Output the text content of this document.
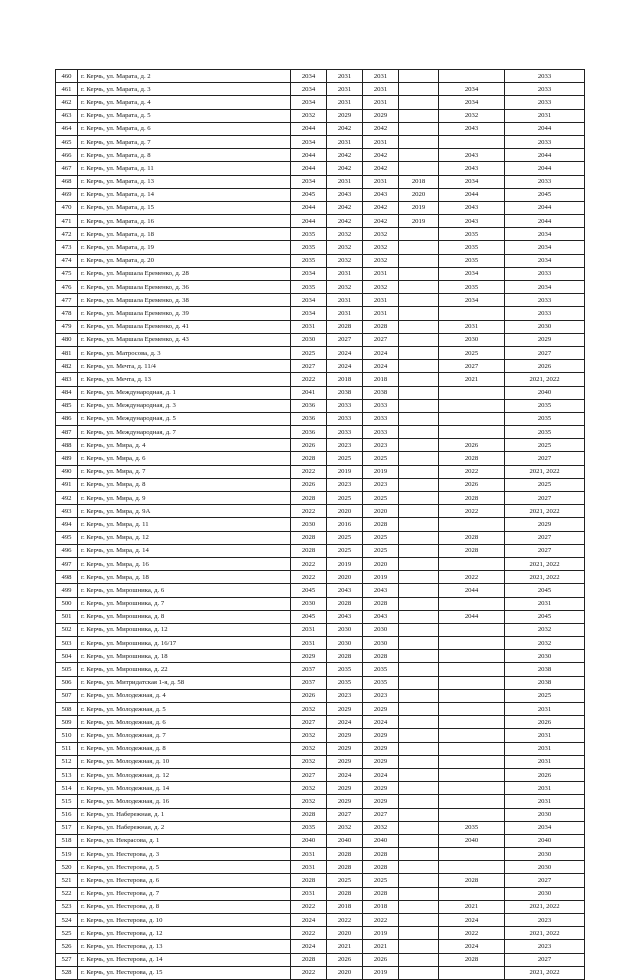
460	г. Керчь, ул. Марата, д. 2	2034	2031	2031			2033
461	г. Керчь, ул. Марата, д. 3	2034	2031	2031		2034	2033
462	г. Керчь, ул. Марата, д. 4	2034	2031	2031		2034	2033
463	г. Керчь, ул. Марата, д. 5	2032	2029	2029		2032	2031
464	г. Керчь, ул. Марата, д. 6	2044	2042	2042		2043	2044
465	г. Керчь, ул. Марата, д. 7	2034	2031	2031			2033
466	г. Керчь, ул. Марата, д. 8	2044	2042	2042		2043	2044
467	г. Керчь, ул. Марата, д. 11	2044	2042	2042		2043	2044
468	г. Керчь, ул. Марата, д. 13	2034	2031	2031	2018	2034	2033
469	г. Керчь, ул. Марата, д. 14	2045	2043	2043	2020	2044	2045
470	г. Керчь, ул. Марата, д. 15	2044	2042	2042	2019	2043	2044
471	г. Керчь, ул. Марата, д. 16	2044	2042	2042	2019	2043	2044
472	г. Керчь, ул. Марата, д. 18	2035	2032	2032		2035	2034
473	г. Керчь, ул. Марата, д. 19	2035	2032	2032		2035	2034
474	г. Керчь, ул. Марата, д. 20	2035	2032	2032		2035	2034
475	г. Керчь, ул. Маршала Еременко, д. 28	2034	2031	2031		2034	2033
476	г. Керчь, ул. Маршала Еременко, д. 36	2035	2032	2032		2035	2034
477	г. Керчь, ул. Маршала Еременко, д. 38	2034	2031	2031		2034	2033
478	г. Керчь, ул. Маршала Еременко, д. 39	2034	2031	2031			2033
479	г. Керчь, ул. Маршала Еременко, д. 41	2031	2028	2028		2031	2030
480	г. Керчь, ул. Маршала Еременко, д. 43	2030	2027	2027		2030	2029
481	г. Керчь, ул. Матросова, д. 3	2025	2024	2024		2025	2027
482	г. Керчь, ул. Мечта, д. 11/4	2027	2024	2024		2027	2026
483	г. Керчь, ул. Мечта, д. 13	2022	2018	2018		2021	2021, 2022
484	г. Керчь, ул. Международная, д. 1	2041	2038	2038			2040
485	г. Керчь, ул. Международная, д. 3	2036	2033	2033			2035
486	г. Керчь, ул. Международная, д. 5	2036	2033	2033			2035
487	г. Керчь, ул. Международная, д. 7	2036	2033	2033			2035
488	г. Керчь, ул. Мира, д. 4	2026	2023	2023		2026	2025
489	г. Керчь, ул. Мира, д. 6	2028	2025	2025		2028	2027
490	г. Керчь, ул. Мира, д. 7	2022	2019	2019		2022	2021, 2022
491	г. Керчь, ул. Мира, д. 8	2026	2023	2023		2026	2025
492	г. Керчь, ул. Мира, д. 9	2028	2025	2025		2028	2027
493	г. Керчь, ул. Мира, д. 9А	2022	2020	2020		2022	2021, 2022
494	г. Керчь, ул. Мира, д. 11	2030	2016	2028			2029
495	г. Керчь, ул. Мира, д. 12	2028	2025	2025		2028	2027
496	г. Керчь, ул. Мира, д. 14	2028	2025	2025		2028	2027
497	г. Керчь, ул. Мира, д. 16	2022	2019	2020			2021, 2022
498	г. Керчь, ул. Мира, д. 18	2022	2020	2019		2022	2021, 2022
499	г. Керчь, ул. Мирошника, д. 6	2045	2043	2043		2044	2045
500	г. Керчь, ул. Мирошника, д. 7	2030	2028	2028			2031
501	г. Керчь, ул. Мирошника, д. 8	2045	2043	2043		2044	2045
502	г. Керчь, ул. Мирошника, д. 12	2031	2030	2030			2032
503	г. Керчь, ул. Мирошника, д. 16/17	2031	2030	2030			2032
504	г. Керчь, ул. Мирошника, д. 18	2029	2028	2028			2030
505	г. Керчь, ул. Мирошника, д. 22	2037	2035	2035			2038
506	г. Керчь, ул. Митридатская 1-я, д. 58	2037	2035	2035			2038
507	г. Керчь, ул. Молодежная, д. 4	2026	2023	2023			2025
508	г. Керчь, ул. Молодежная, д. 5	2032	2029	2029			2031
509	г. Керчь, ул. Молодежная, д. 6	2027	2024	2024			2026
510	г. Керчь, ул. Молодежная, д. 7	2032	2029	2029			2031
511	г. Керчь, ул. Молодежная, д. 8	2032	2029	2029			2031
512	г. Керчь, ул. Молодежная, д. 10	2032	2029	2029			2031
513	г. Керчь, ул. Молодежная, д. 12	2027	2024	2024			2026
514	г. Керчь, ул. Молодежная, д. 14	2032	2029	2029			2031
515	г. Керчь, ул. Молодежная, д. 16	2032	2029	2029			2031
516	г. Керчь, ул. Набережная, д. 1	2028	2027	2027			2030
517	г. Керчь, ул. Набережная, д. 2	2035	2032	2032		2035	2034
518	г. Керчь, ул. Некрасова, д. 1	2040	2040	2040		2040	2040
519	г. Керчь, ул. Нестерова, д. 3	2031	2028	2028			2030
520	г. Керчь, ул. Нестерова, д. 5	2031	2028	2028			2030
521	г. Керчь, ул. Нестерова, д. 6	2028	2025	2025		2028	2027
522	г. Керчь, ул. Нестерова, д. 7	2031	2028	2028			2030
523	г. Керчь, ул. Нестерова, д. 8	2022	2018	2018		2021	2021, 2022
524	г. Керчь, ул. Нестерова, д. 10	2024	2022	2022		2024	2023
525	г. Керчь, ул. Нестерова, д. 12	2022	2020	2019		2022	2021, 2022
526	г. Керчь, ул. Нестерова, д. 13	2024	2021	2021		2024	2023
527	г. Керчь, ул. Нестерова, д. 14	2028	2026	2026		2028	2027
528	г. Керчь, ул. Нестерова, д. 15	2022	2020	2019			2021, 2022
